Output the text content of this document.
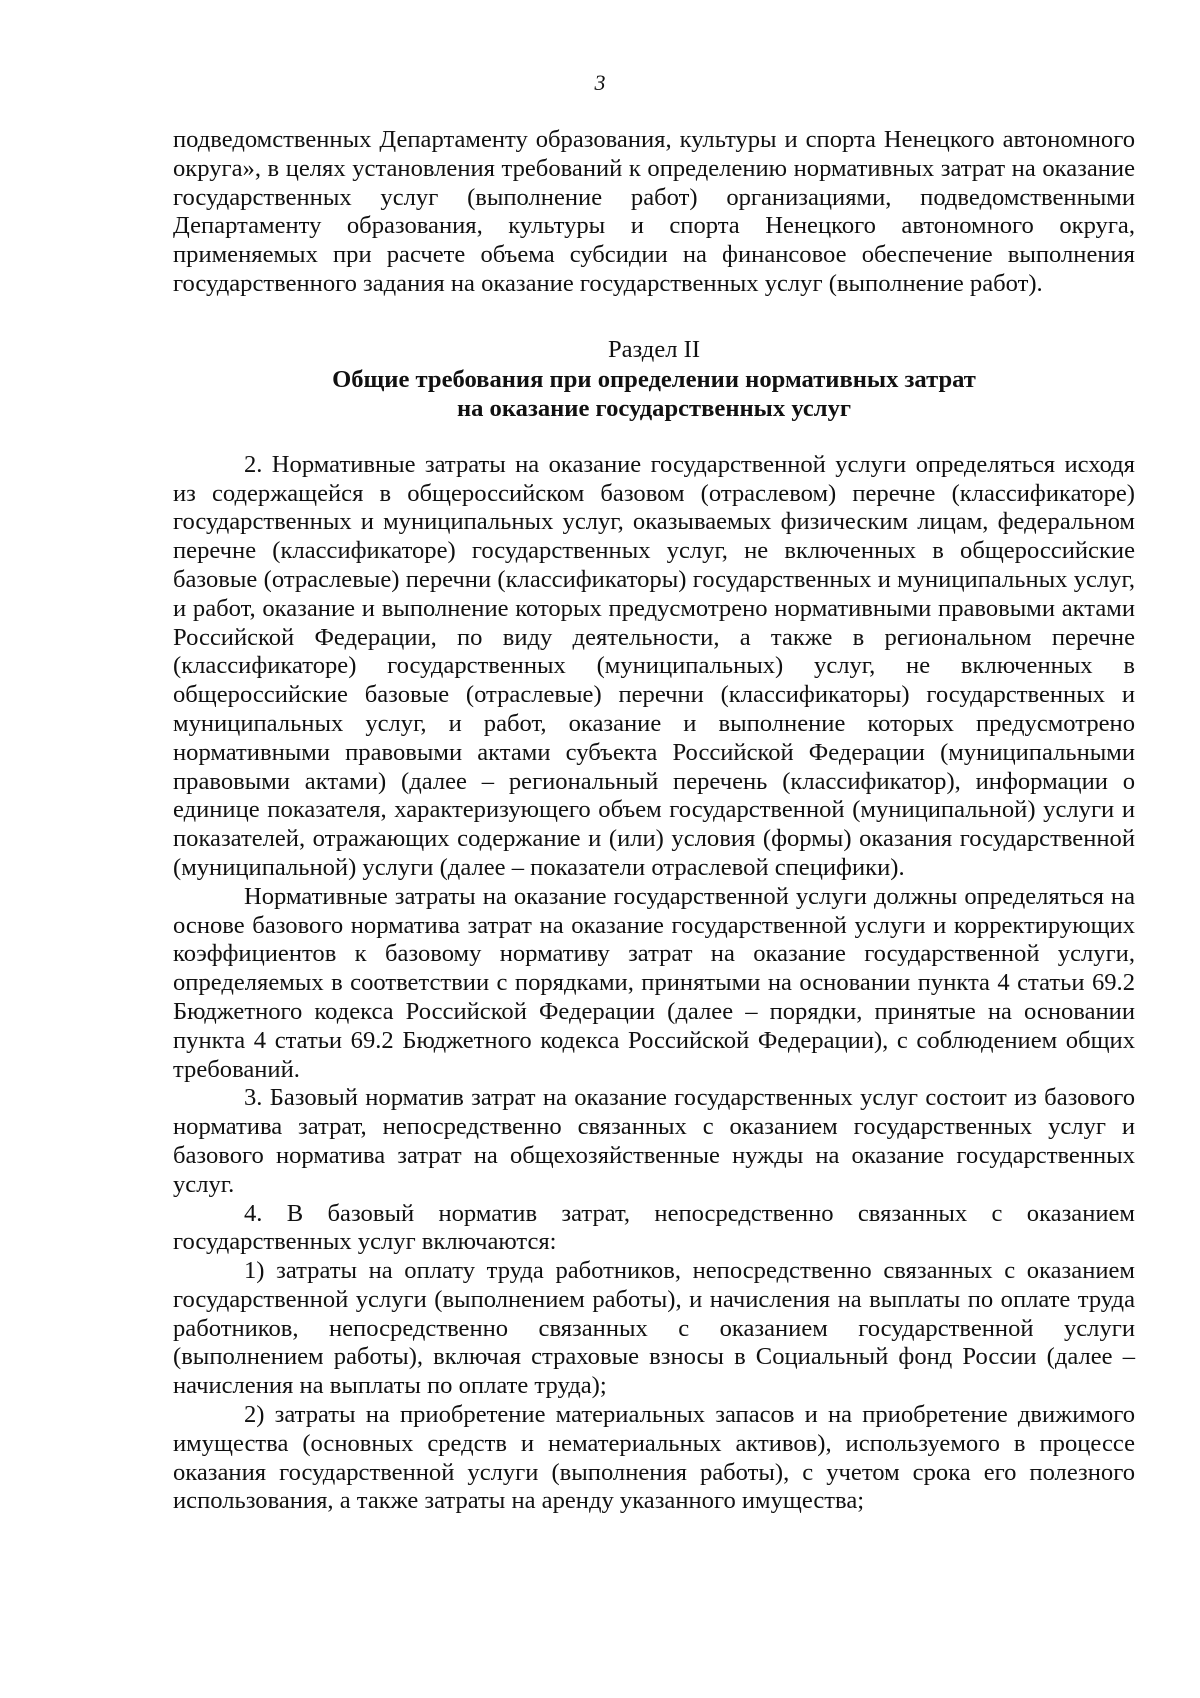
3

подведомственных Департаменту образования, культуры и спорта Ненецкого автономного округа», в целях установления требований к определению нормативных затрат на оказание государственных услуг (выполнение работ) организациями, подведомственными Департаменту образования, культуры и спорта Ненецкого автономного округа, применяемых при расчете объема субсидии на финансовое обеспечение выполнения государственного задания на оказание государственных услуг (выполнение работ).

Раздел II
Общие требования при определении нормативных затрат
на оказание государственных услуг

2. Нормативные затраты на оказание государственной услуги определяться исходя из содержащейся в общероссийском базовом (отраслевом) перечне (классификаторе) государственных и муниципальных услуг, оказываемых физическим лицам, федеральном перечне (классификаторе) государственных услуг, не включенных в общероссийские базовые (отраслевые) перечни (классификаторы) государственных и муниципальных услуг, и работ, оказание и выполнение которых предусмотрено нормативными правовыми актами Российской Федерации, по виду деятельности, а также в региональном перечне (классификаторе) государственных (муниципальных) услуг, не включенных в общероссийские базовые (отраслевые) перечни (классификаторы) государственных и муниципальных услуг, и работ, оказание и выполнение которых предусмотрено нормативными правовыми актами субъекта Российской Федерации (муниципальными правовыми актами) (далее – региональный перечень (классификатор), информации о единице показателя, характеризующего объем государственной (муниципальной) услуги и показателей, отражающих содержание и (или) условия (формы) оказания государственной (муниципальной) услуги (далее – показатели отраслевой специфики).

Нормативные затраты на оказание государственной услуги должны определяться на основе базового норматива затрат на оказание государственной услуги и корректирующих коэффициентов к базовому нормативу затрат на оказание государственной услуги, определяемых в соответствии с порядками, принятыми на основании пункта 4 статьи 69.2 Бюджетного кодекса Российской Федерации (далее – порядки, принятые на основании пункта 4 статьи 69.2 Бюджетного кодекса Российской Федерации), с соблюдением общих требований.

3. Базовый норматив затрат на оказание государственных услуг состоит из базового норматива затрат, непосредственно связанных с оказанием государственных услуг и базового норматива затрат на общехозяйственные нужды на оказание государственных услуг.

4. В базовый норматив затрат, непосредственно связанных с оказанием государственных услуг включаются:

1) затраты на оплату труда работников, непосредственно связанных с оказанием государственной услуги (выполнением работы), и начисления на выплаты по оплате труда работников, непосредственно связанных с оказанием государственной услуги (выполнением работы), включая страховые взносы в Социальный фонд России (далее – начисления на выплаты по оплате труда);

2) затраты на приобретение материальных запасов и на приобретение движимого имущества (основных средств и нематериальных активов), используемого в процессе оказания государственной услуги (выполнения работы), с учетом срока его полезного использования, а также затраты на аренду указанного имущества;
